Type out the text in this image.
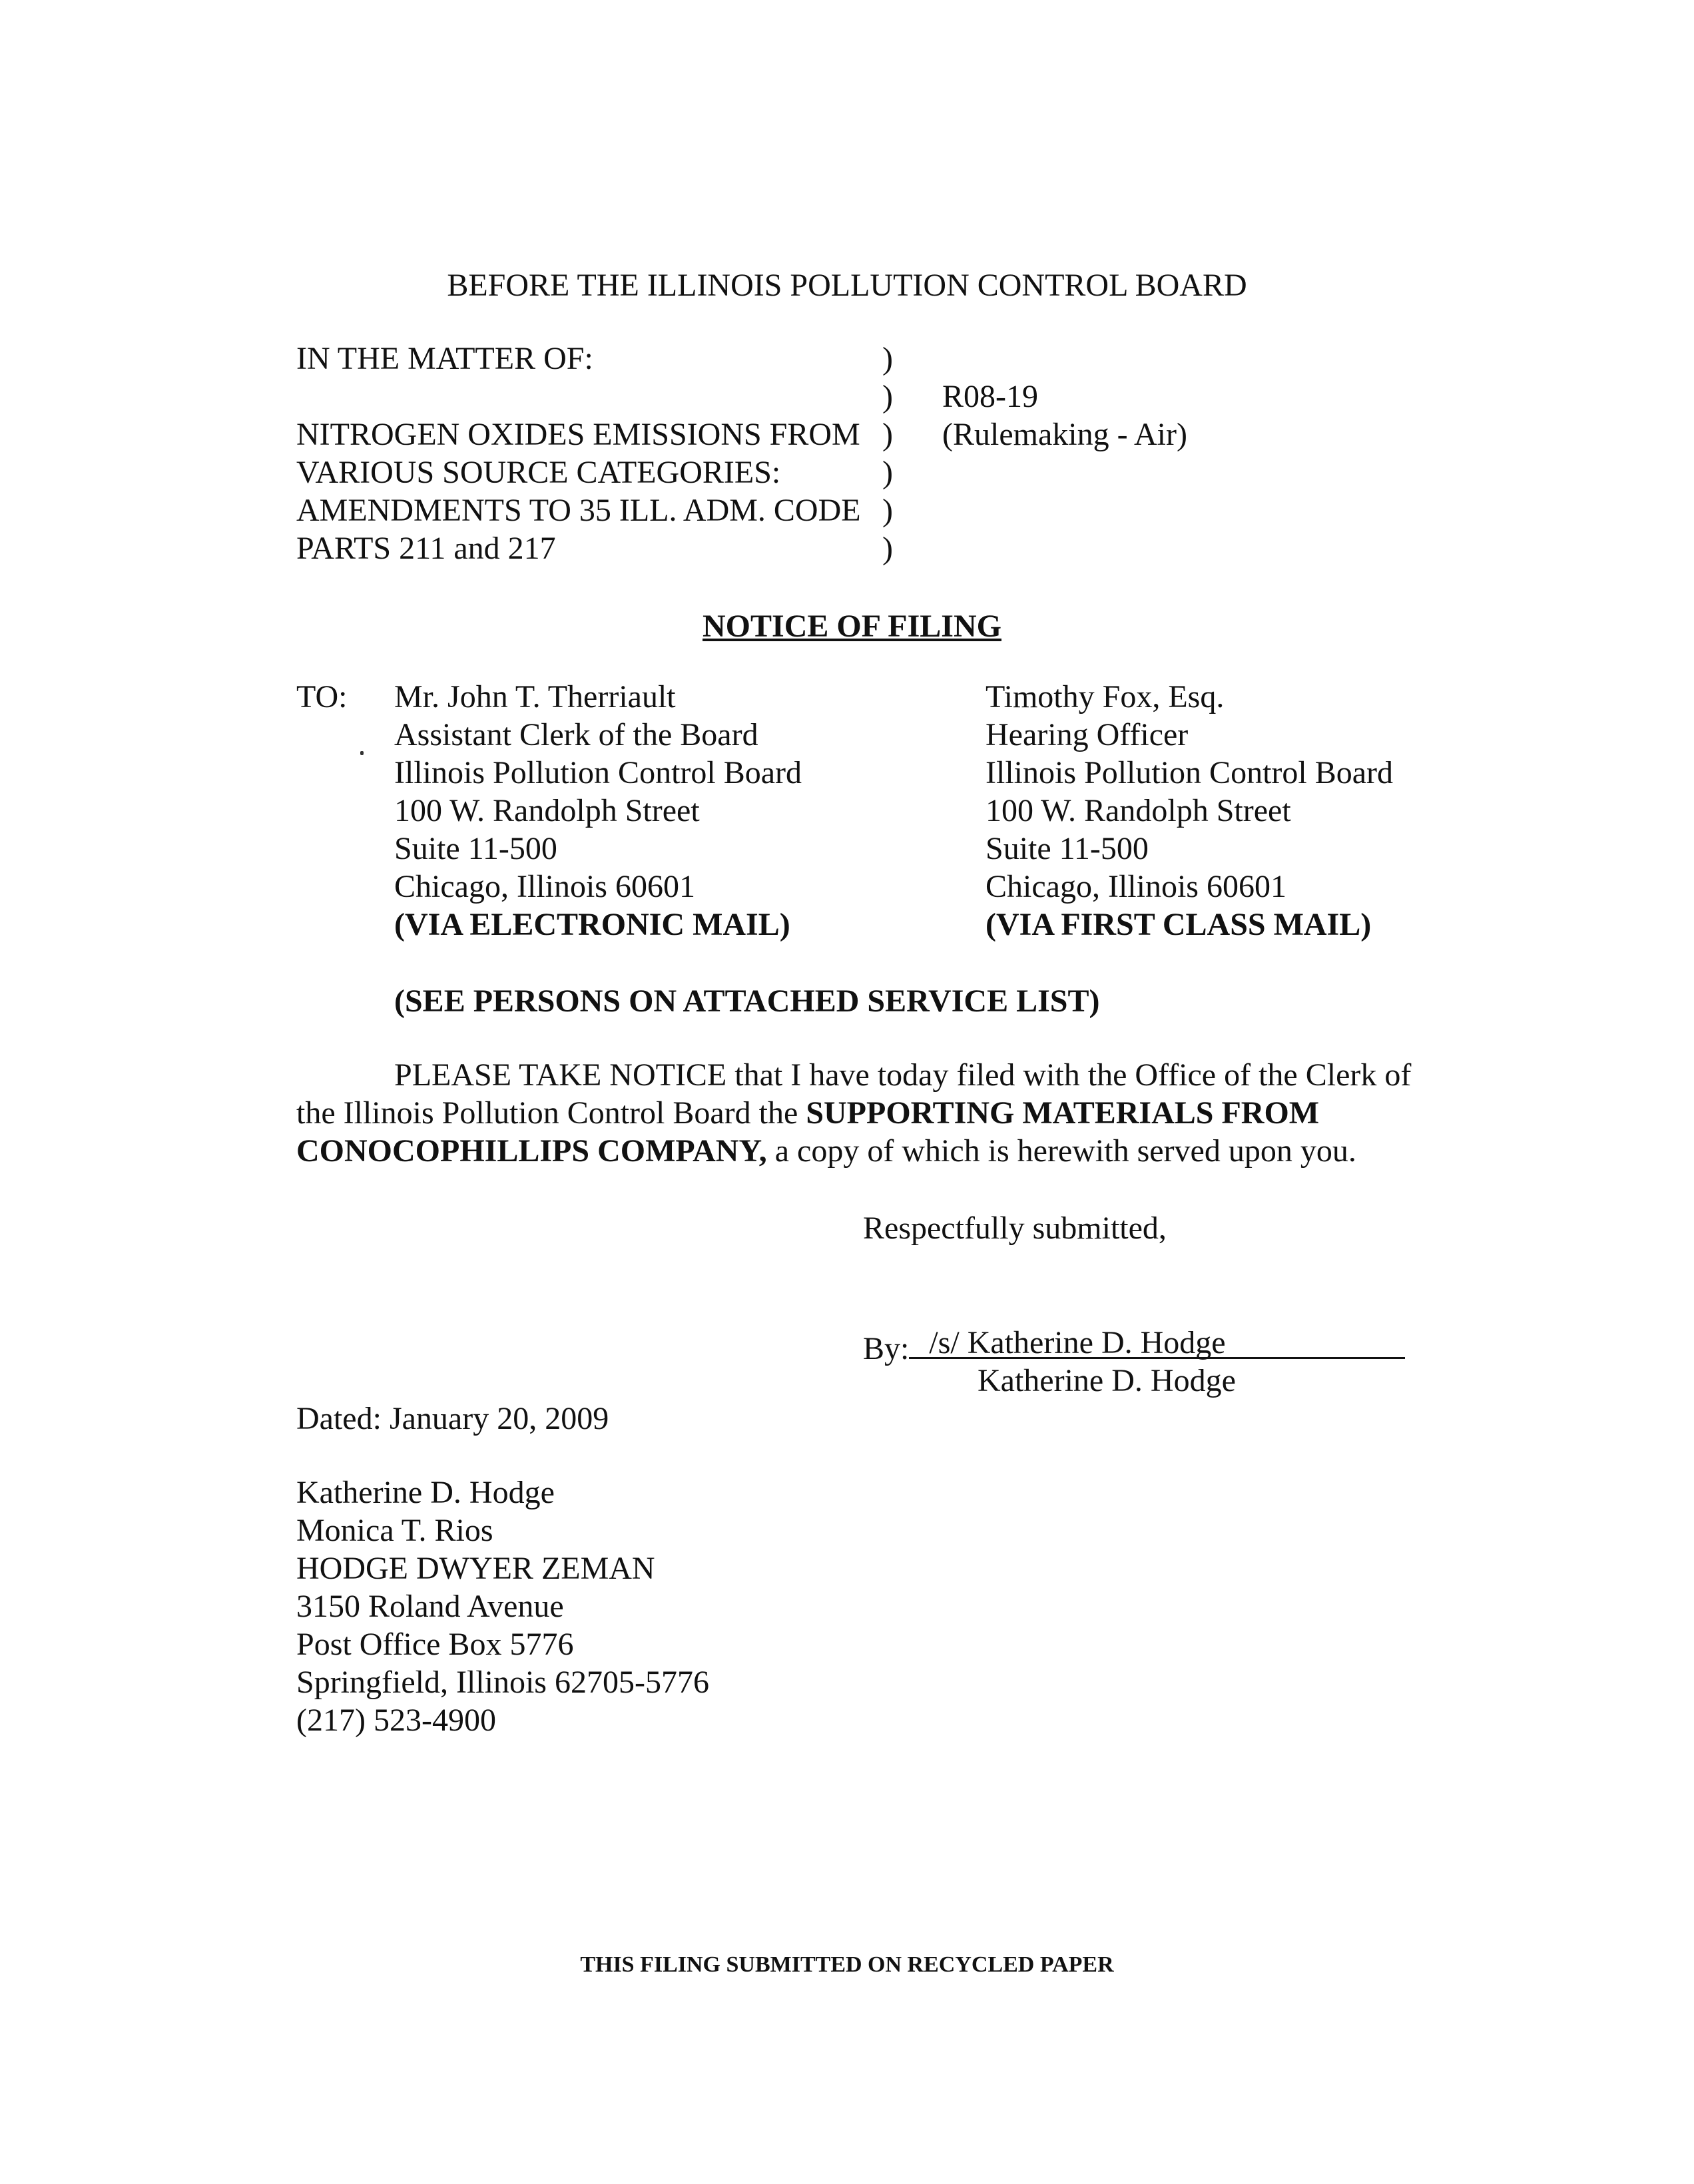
BEFORE THE ILLINOIS POLLUTION CONTROL BOARD
IN THE MATTER OF:	)
)	R08-19
NITROGEN OXIDES EMISSIONS FROM )	(Rulemaking - Air)
VARIOUS SOURCE CATEGORIES:	)
AMENDMENTS TO 35 ILL. ADM. CODE )
PARTS 211 and 217	)
NOTICE OF FILING
TO: Mr. John T. Therriault
Assistant Clerk of the Board
Illinois Pollution Control Board
100 W. Randolph Street
Suite 11-500
Chicago, Illinois 60601
(VIA ELECTRONIC MAIL)
Timothy Fox, Esq.
Hearing Officer
Illinois Pollution Control Board
100 W. Randolph Street
Suite 11-500
Chicago, Illinois 60601
(VIA FIRST CLASS MAIL)
(SEE PERSONS ON ATTACHED SERVICE LIST)
PLEASE TAKE NOTICE that I have today filed with the Office of the Clerk of
the Illinois Pollution Control Board the SUPPORTING MATERIALS FROM
CONOCOPHILLIPS COMPANY, a copy of which is herewith served upon you.
Respectfully submitted,
By: /s/ Katherine D. Hodge
Katherine D. Hodge
Dated: January 20, 2009
Katherine D. Hodge
Monica T. Rios
HODGE DWYER ZEMAN
3150 Roland Avenue
Post Office Box 5776
Springfield, Illinois 62705-5776
(217) 523-4900
THIS FILING SUBMITTED ON RECYCLED PAPER
